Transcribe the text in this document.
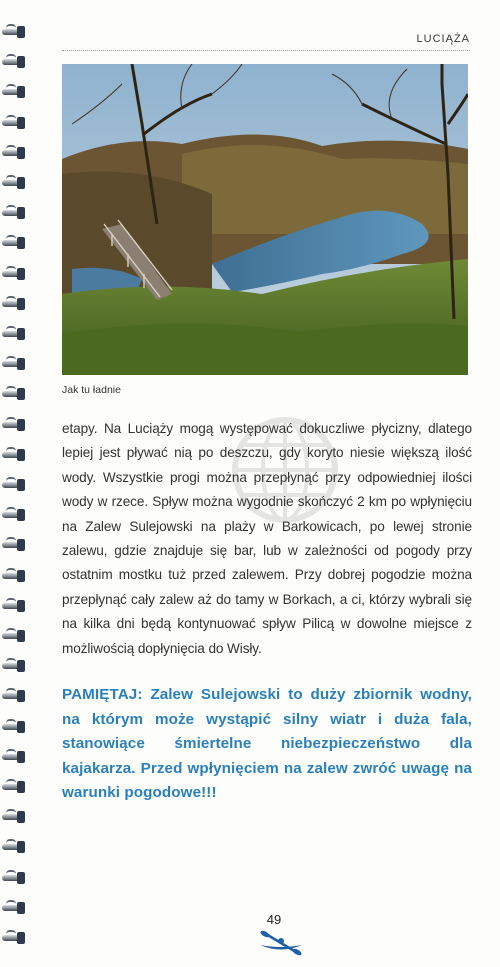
LUCIĄŻA
Jak tu ładnie
etapy. Na Luciąży mogą występować dokuczliwe płycizny, dlatego lepiej jest pływać nią po deszczu, gdy koryto niesie większą ilość wody. Wszystkie progi można przepłynąć przy odpowiedniej ilości wody w rzece. Spływ można wygodnie skończyć 2 km po wpłynięciu na Zalew Sulejowski na plaży w Barkowicach, po lewej stronie zalewu, gdzie znajduje się bar, lub w zależności od pogody przy ostatnim mostku tuż przed zalewem. Przy dobrej pogodzie można przepłynąć cały zalew aż do tamy w Borkach, a ci, którzy wybrali się na kilka dni będą kontynuować spływ Pilicą w dowolne miejsce z możliwością dopłynięcia do Wisły.
PAMIĘTAJ: Zalew Sulejowski to duży zbiornik wodny, na którym może wystąpić silny wiatr i duża fala, stanowiące śmiertelne niebezpieczeństwo dla kajakarza. Przed wpłynięciem na zalew zwróć uwagę na warunki pogodowe!!!
49
